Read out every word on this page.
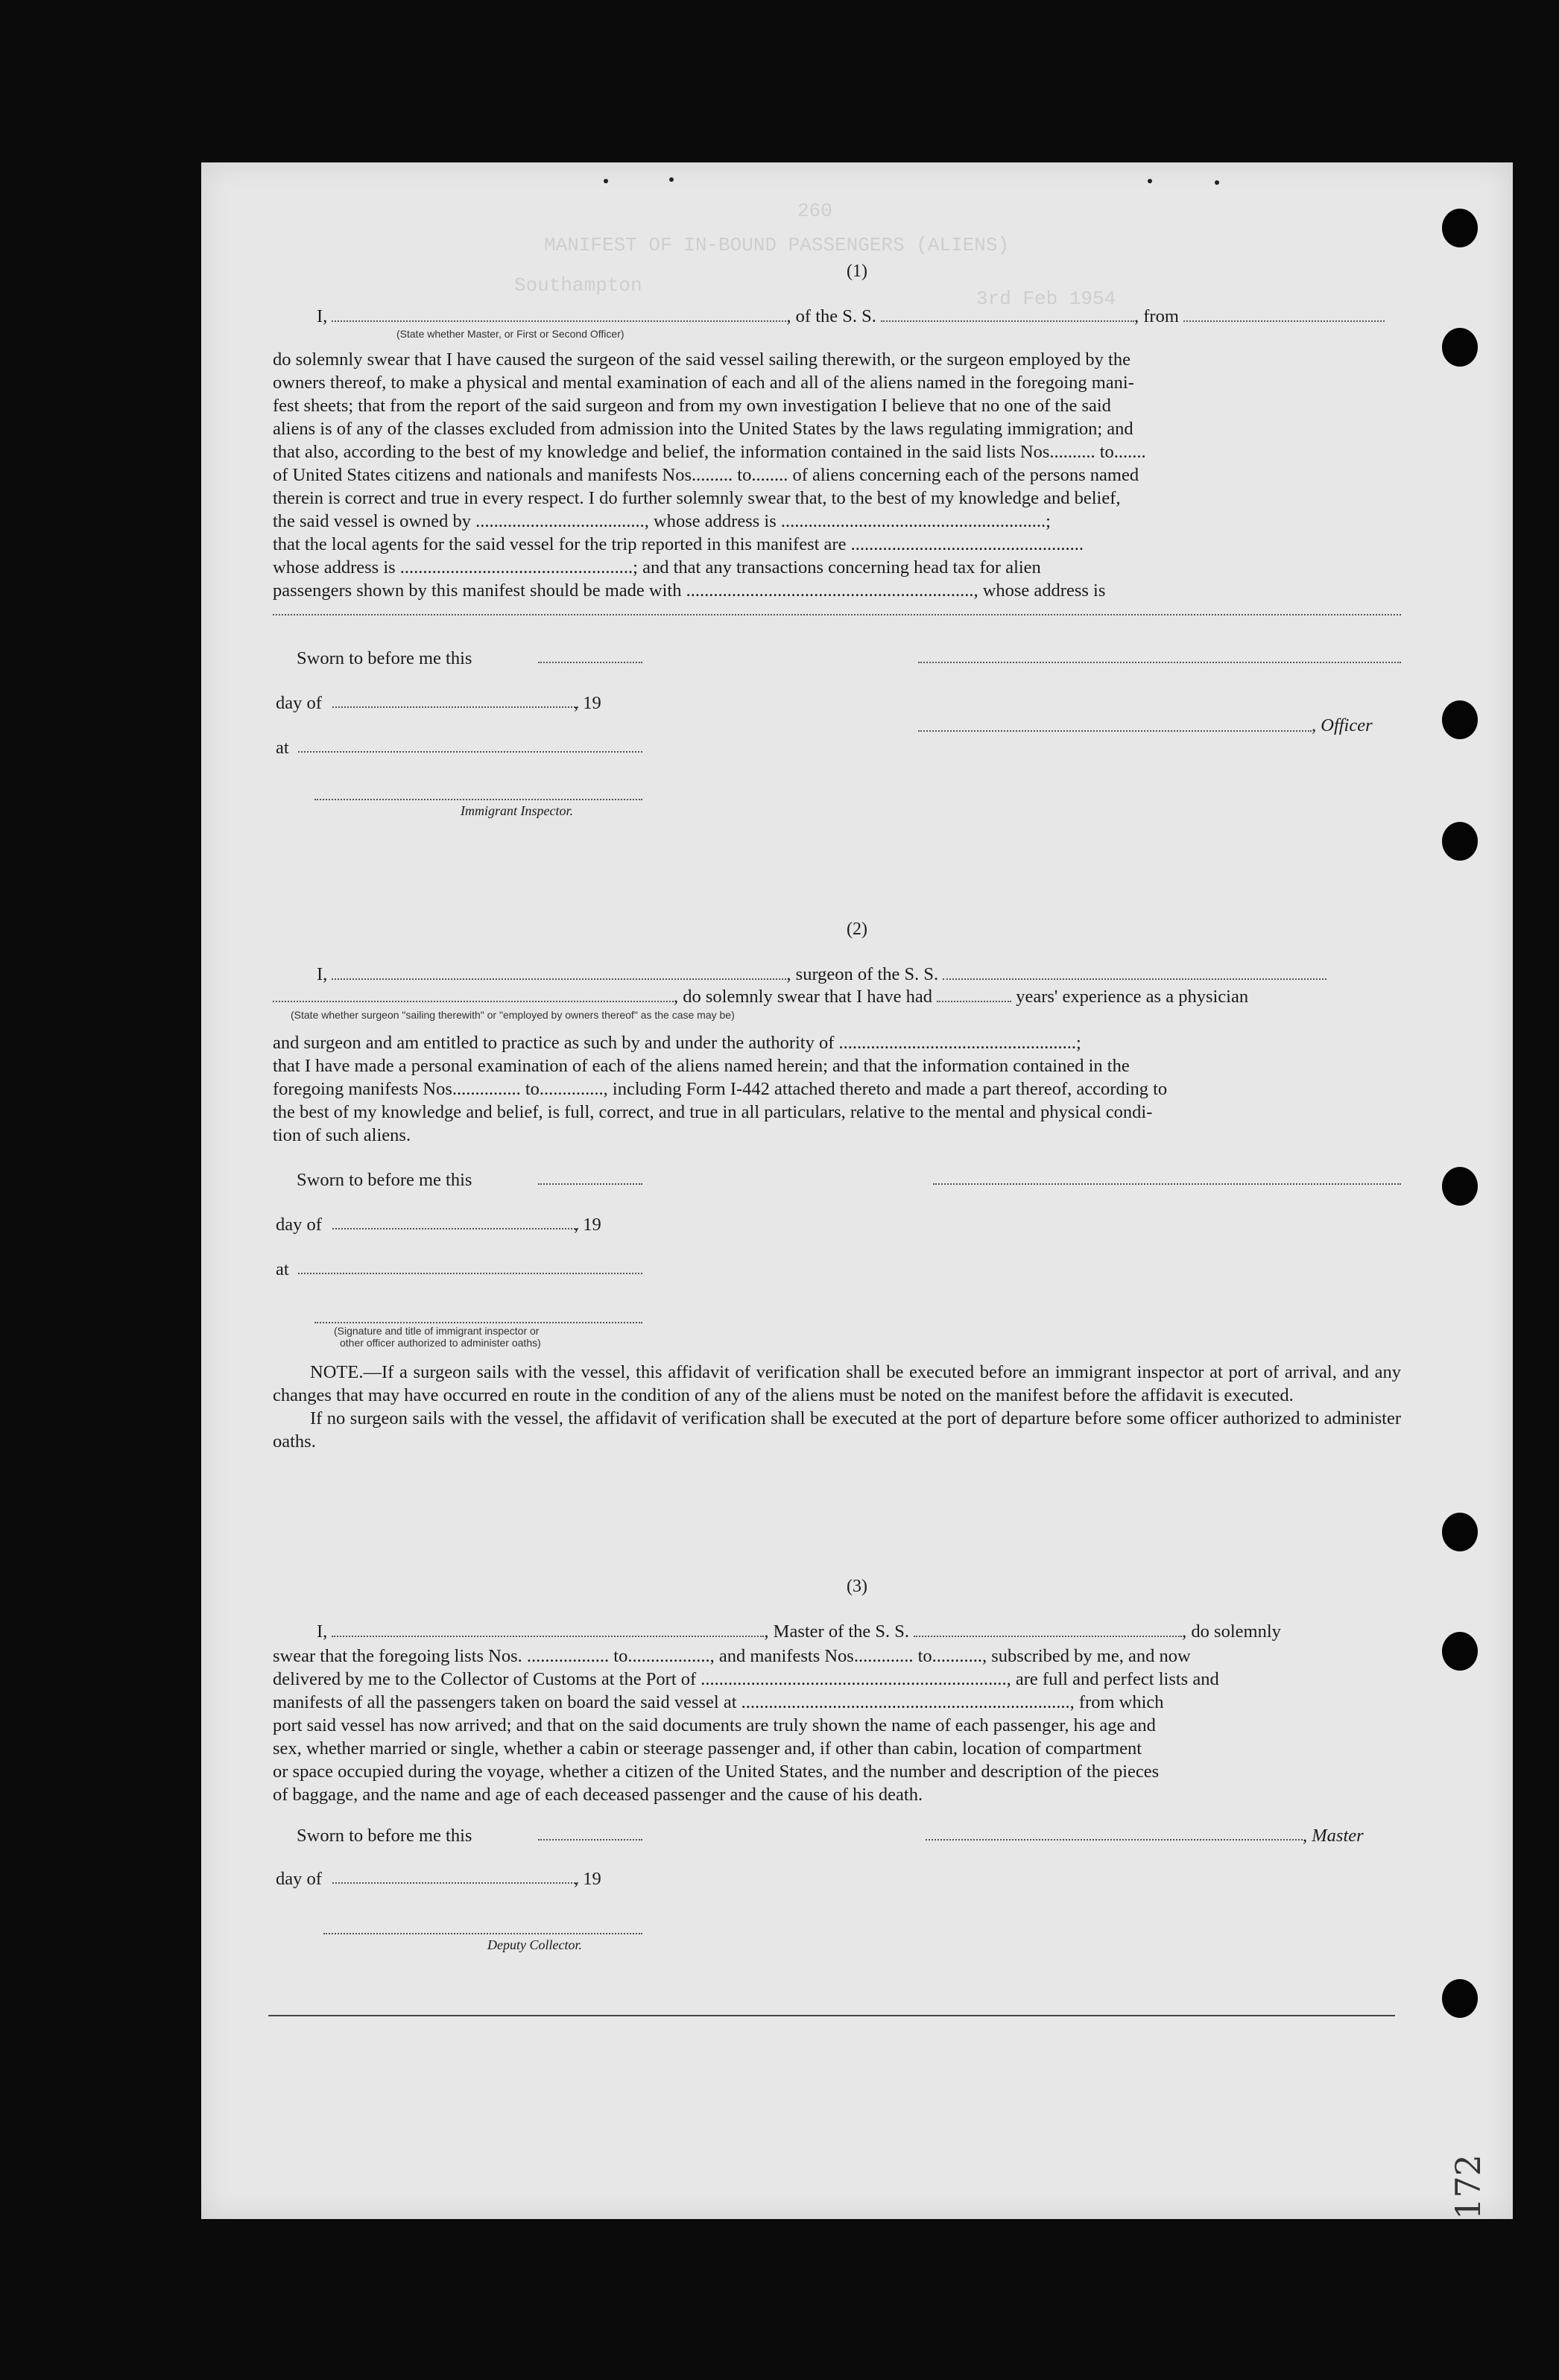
260
MANIFEST OF IN-BOUND PASSENGERS (ALIENS)
Southampton
3rd Feb 1954
(1)
I,	, of the S. S.	, from
(State whether Master, or First or Second Officer)

do solemnly swear that I have caused the surgeon of the said vessel sailing therewith, or the surgeon employed by the

owners thereof, to make a physical and mental examination of each and all of the aliens named in the foregoing mani-

fest sheets; that from the report of the said surgeon and from my own investigation I believe that no one of the said

aliens is of any of the classes excluded from admission into the United States by the laws regulating immigration; and

that also, according to the best of my knowledge and belief, the information contained in the said lists Nos.......... to.......

of United States citizens and nationals and manifests Nos......... to........ of aliens concerning each of the persons named

therein is correct and true in every respect. I do further solemnly swear that, to the best of my knowledge and belief,

the said vessel is owned by ....................................., whose address is ..........................................................;

that the local agents for the said vessel for the trip reported in this manifest are ...................................................

whose address is ...................................................; and that any transactions concerning head tax for alien

passengers shown by this manifest should be made with ..............................................................., whose address is

Sworn to before me this
day of	, 19
at
Immigrant Inspector.
, Officer
(2)
I,	, surgeon of the S. S.
, do solemnly swear that I have had	years' experience as a physician
(State whether surgeon "sailing therewith" or "employed by owners thereof" as the case may be)

and surgeon and am entitled to practice as such by and under the authority of ....................................................;

that I have made a personal examination of each of the aliens named herein; and that the information contained in the

foregoing manifests Nos............... to.............., including Form I-442 attached thereto and made a part thereof, according to

the best of my knowledge and belief, is full, correct, and true in all particulars, relative to the mental and physical condi-

tion of such aliens.

Sworn to before me this
day of	, 19
at
(Signature and title of immigrant inspector or
other officer authorized to administer oaths)

NOTE.—If a surgeon sails with the vessel, this affidavit of verification shall be executed before an immigrant inspector at port of arrival, and any changes that may have occurred en route in the condition of any of the aliens must be noted on the manifest before the affidavit is executed.

If no surgeon sails with the vessel, the affidavit of verification shall be executed at the port of departure before some officer authorized to administer oaths.

(3)
I,	, Master of the S. S.	, do solemnly

swear that the foregoing lists Nos. .................. to.................., and manifests Nos............. to..........., subscribed by me, and now

delivered by me to the Collector of Customs at the Port of ..................................................................., are full and perfect lists and

manifests of all the passengers taken on board the said vessel at ........................................................................, from which

port said vessel has now arrived; and that on the said documents are truly shown the name of each passenger, his age and

sex, whether married or single, whether a cabin or steerage passenger and, if other than cabin, location of compartment

or space occupied during the voyage, whether a citizen of the United States, and the number and description of the pieces

of baggage, and the name and age of each deceased passenger and the cause of his death.

Sworn to before me this
day of	, 19
Deputy Collector.
, Master
172
